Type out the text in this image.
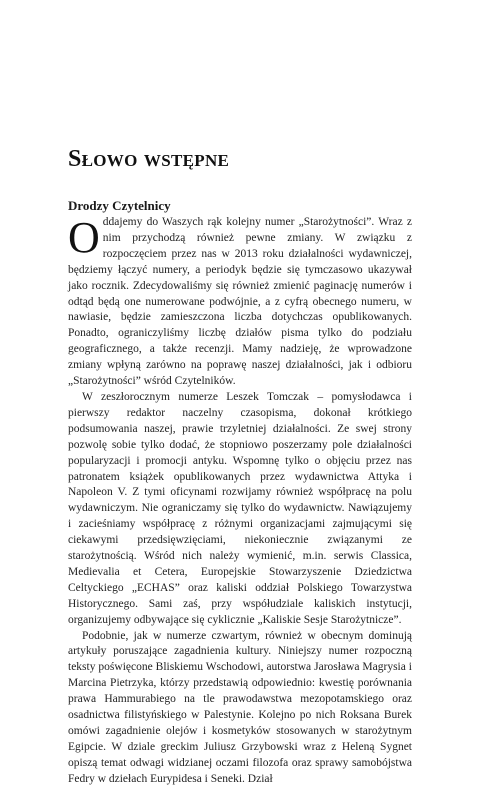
Słowo wstępne
Drodzy Czytelnicy

Oddajemy do Waszych rąk kolejny numer „Starożytności”. Wraz z nim przychodzą również pewne zmiany. W związku z rozpoczęciem przez nas w 2013 roku działalności wydawniczej, będziemy łączyć numery, a periodyk będzie się tymczasowo ukazywał jako rocznik. Zdecydowaliśmy się również zmienić paginację numerów i odtąd będą one numerowane podwójnie, a z cyfrą obecnego numeru, w nawiasie, będzie zamieszczona liczba dotychczas opublikowanych. Ponadto, ograniczyliśmy liczbę działów pisma tylko do podziału geograficznego, a także recenzji. Mamy nadzieję, że wprowadzone zmiany wpłyną zarówno na poprawę naszej działalności, jak i odbioru „Starożytności” wśród Czytelników.

W zeszłorocznym numerze Leszek Tomczak – pomysłodawca i pierwszy redaktor naczelny czasopisma, dokonał krótkiego podsumowania naszej, prawie trzyletniej działalności. Ze swej strony pozwolę sobie tylko dodać, że stopniowo poszerzamy pole działalności popularyzacji i promocji antyku. Wspomnę tylko o objęciu przez nas patronatem książek opublikowanych przez wydawnictwa Attyka i Napoleon V. Z tymi oficynami rozwijamy również współpracę na polu wydawniczym. Nie ograniczamy się tylko do wydawnictw. Nawiązujemy i zacieśniamy współpracę z różnymi organizacjami zajmującymi się ciekawymi przedsięwzięciami, niekoniecznie związanymi ze starożytnością. Wśród nich należy wymienić, m.in. serwis Classica, Medievalia et Cetera, Europejskie Stowarzyszenie Dziedzictwa Celtyckiego „ECHAS” oraz kaliski oddział Polskiego Towarzystwa Historycznego. Sami zaś, przy współudziale kaliskich instytucji, organizujemy odbywające się cyklicznie „Kaliskie Sesje Starożytnicze”.

Podobnie, jak w numerze czwartym, również w obecnym dominują artykuły poruszające zagadnienia kultury. Niniejszy numer rozpoczną teksty poświęcone Bliskiemu Wschodowi, autorstwa Jarosława Magrysia i Marcina Pietrzyka, którzy przedstawią odpowiednio: kwestię porównania prawa Hammurabiego na tle prawodawstwa mezopotamskiego oraz osadnictwa filistyńskiego w Palestynie. Kolejno po nich Roksana Burek omówi zagadnienie olejów i kosmetyków stosowanych w starożytnym Egipcie. W dziale greckim Juliusz Grzybowski wraz z Heleną Sygnet opiszą temat odwagi widzianej oczami filozofa oraz sprawy samobójstwa Fedry w dziełach Eurypidesa i Seneki. Dział
